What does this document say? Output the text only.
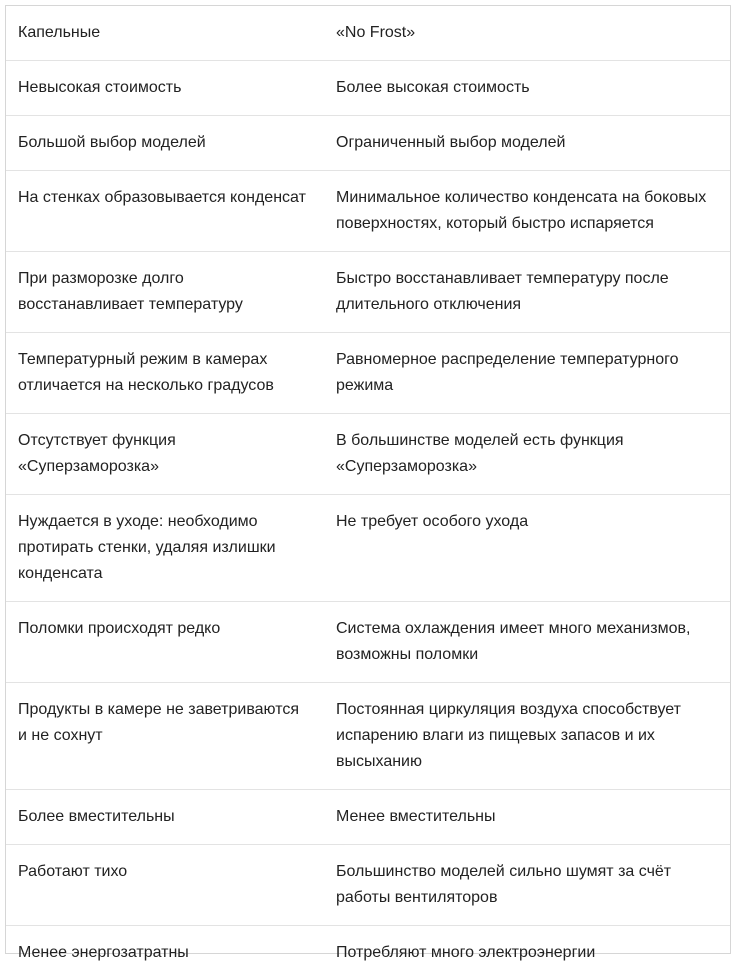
Капельные	«No Frost»
Невысокая стоимость	Более высокая стоимость
Большой выбор моделей	Ограниченный выбор моделей
На стенках образовывается конденсат	Минимальное количество конденсата на боковых поверхностях, который быстро испаряется
При разморозке долго восстанавливает температуру	Быстро восстанавливает температуру после длительного отключения
Температурный режим в камерах отличается на несколько градусов	Равномерное распределение температурного режима
Отсутствует функция «Суперзаморозка»	В большинстве моделей есть функция «Суперзаморозка»
Нуждается в уходе: необходимо протирать стенки, удаляя излишки конденсата	Не требует особого ухода
Поломки происходят редко	Система охлаждения имеет много механизмов, возможны поломки
Продукты в камере не заветриваются и не сохнут	Постоянная циркуляция воздуха способствует испарению влаги из пищевых запасов и их высыханию
Более вместительны	Менее вместительны
Работают тихо	Большинство моделей сильно шумят за счёт работы вентиляторов
Менее энергозатратны	Потребляют много электроэнергии
